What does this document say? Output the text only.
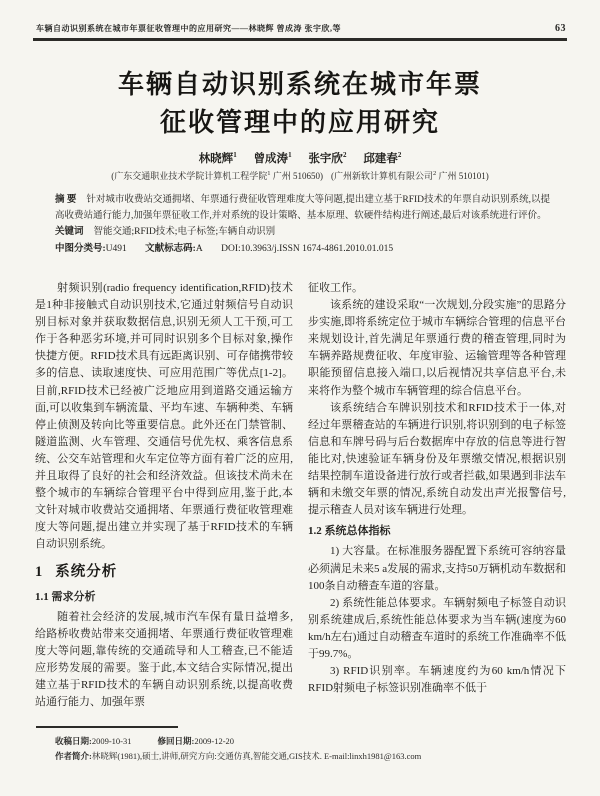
车辆自动识别系统在城市年票征收管理中的应用研究——林晓辉 曾成涛 张宇欣,等	63
车辆自动识别系统在城市年票
征收管理中的应用研究
林晓辉$^1$ 曾成涛$^1$ 张宇欣$^2$ 邱建春$^2$
(广东交通职业技术学院计算机工程学院$^1$ 广州 510650) (广州新软计算机有限公司$^2$ 广州 510101)
摘 要 针对城市收费站交通拥堵、年票通行费征收管理难度大等问题,提出建立基于RFID技术的年票自动识别系统,以提高收费站通行能力,加强年票征收工作,并对系统的设计策略、基本原理、软硬件结构进行阐述,最后对该系统进行评价。
关键词 智能交通;RFID技术;电子标签;车辆自动识别
中图分类号:U491 文献标志码:A DOI:10.3963/j.ISSN 1674-4861.2010.01.015

射频识别(radio frequency identification,RFID)技术是1种非接触式自动识别技术,它通过射频信号自动识别目标对象并获取数据信息,识别无须人工干预,可工作于各种恶劣环境,并可同时识别多个目标对象,操作快捷方便。RFID技术具有远距离识别、可存储携带较多的信息、读取速度快、可应用范围广等优点[1-2]。目前,RFID技术已经被广泛地应用到道路交通运输方面,可以收集到车辆流量、平均车速、车辆种类、车辆停止侦测及转向比等重要信息。此外还在门禁管制、隧道监测、火车管理、交通信号优先权、乘客信息系统、公交车站管理和火车定位等方面有着广泛的应用,并且取得了良好的社会和经济效益。但该技术尚未在整个城市的车辆综合管理平台中得到应用,鉴于此,本文针对城市收费站交通拥堵、年票通行费征收管理难度大等问题,提出建立并实现了基于RFID技术的车辆自动识别系统。

1 系统分析
1.1 需求分析

随着社会经济的发展,城市汽车保有量日益增多,给路桥收费站带来交通拥堵、年票通行费征收管理难度大等问题,靠传统的交通疏导和人工稽查,已不能适应形势发展的需要。鉴于此,本文结合实际情况,提出建立基于RFID技术的车辆自动识别系统,以提高收费站通行能力、加强年票

征收工作。

该系统的建设采取“一次规划,分段实施”的思路分步实施,即将系统定位于城市车辆综合管理的信息平台来规划设计,首先满足年票通行费的稽查管理,同时为车辆养路规费征收、年度审验、运输管理等各种管理职能预留信息接入端口,以后视情况共享信息平台,未来将作为整个城市车辆管理的综合信息平台。

该系统结合车牌识别技术和RFID技术于一体,对经过年票稽查站的车辆进行识别,将识别到的电子标签信息和车牌号码与后台数据库中存放的信息等进行智能比对,快速验证车辆身份及年票缴交情况,根据识别结果控制车道设备进行放行或者拦截,如果遇到非法车辆和未缴交年票的情况,系统自动发出声光报警信号,提示稽查人员对该车辆进行处理。

1.2 系统总体指标

1) 大容量。在标准服务器配置下系统可容纳容量必须满足未来5 a发展的需求,支持50万辆机动车数据和100条自动稽查车道的容量。

2) 系统性能总体要求。车辆射频电子标签自动识别系统建成后,系统性能总体要求为当车辆(速度为60 km/h左右)通过自动稽查车道时的系统工作准确率不低于99.7%。

3) RFID识别率。车辆速度约为60 km/h情况下RFID射频电子标签识别准确率不低于

收稿日期:2009-10-31	修回日期:2009-12-20
作者简介:林晓辉(1981),硕士,讲师,研究方向:交通仿真,智能交通,GIS技术. E-mail:linxh1981@163.com
